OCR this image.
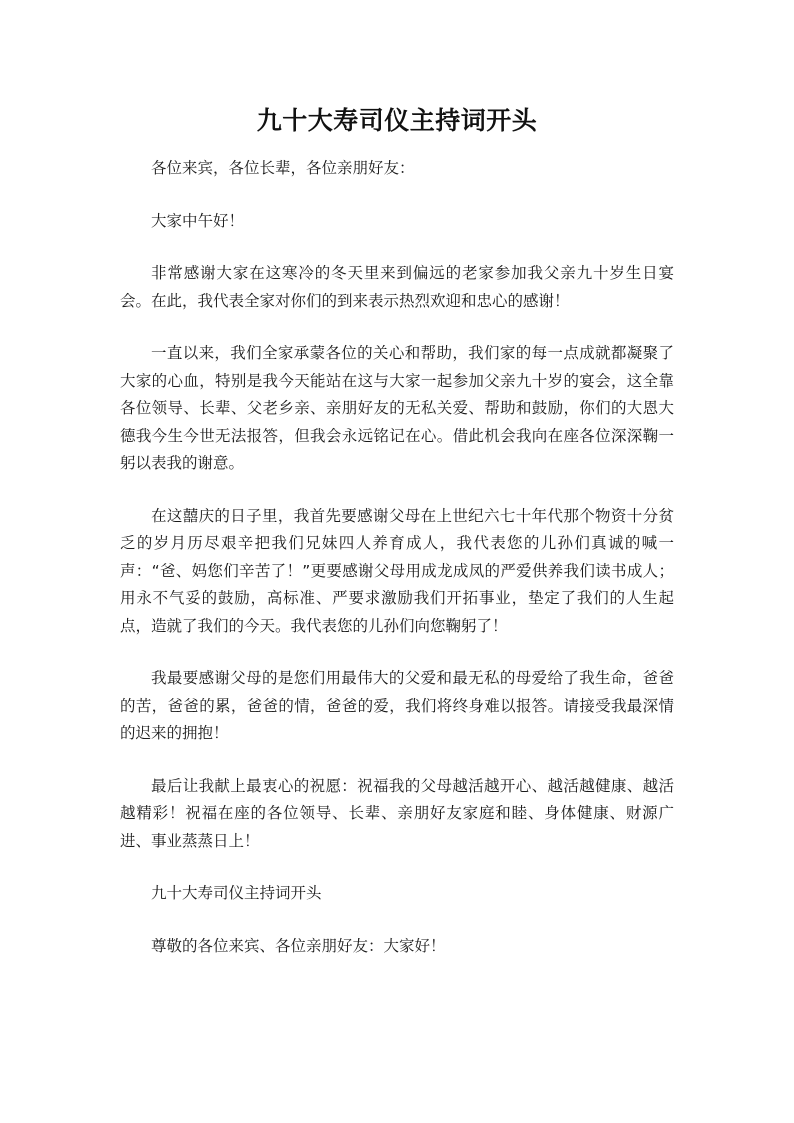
九十大寿司仪主持词开头

各位来宾，各位长辈，各位亲朋好友：

大家中午好！

非常感谢大家在这寒冷的冬天里来到偏远的老家参加我父亲九十岁生日宴会。在此，我代表全家对你们的到来表示热烈欢迎和忠心的感谢！

一直以来，我们全家承蒙各位的关心和帮助，我们家的每一点成就都凝聚了大家的心血，特别是我今天能站在这与大家一起参加父亲九十岁的宴会，这全靠各位领导、长辈、父老乡亲、亲朋好友的无私关爱、帮助和鼓励，你们的大恩大德我今生今世无法报答，但我会永远铭记在心。借此机会我向在座各位深深鞠一躬以表我的谢意。

在这囍庆的日子里，我首先要感谢父母在上世纪六七十年代那个物资十分贫乏的岁月历尽艰辛把我们兄妹四人养育成人，我代表您的儿孙们真诚的喊一声：“爸、妈您们辛苦了！”更要感谢父母用成龙成凤的严爱供养我们读书成人；用永不气妥的鼓励，高标准、严要求激励我们开拓事业，垫定了我们的人生起点，造就了我们的今天。我代表您的儿孙们向您鞠躬了！

我最要感谢父母的是您们用最伟大的父爱和最无私的母爱给了我生命，爸爸的苦，爸爸的累，爸爸的情，爸爸的爱，我们将终身难以报答。请接受我最深情的迟来的拥抱！

最后让我献上最衷心的祝愿：祝福我的父母越活越开心、越活越健康、越活越精彩！祝福在座的各位领导、长辈、亲朋好友家庭和睦、身体健康、财源广进、事业蒸蒸日上！

九十大寿司仪主持词开头

尊敬的各位来宾、各位亲朋好友：大家好！
